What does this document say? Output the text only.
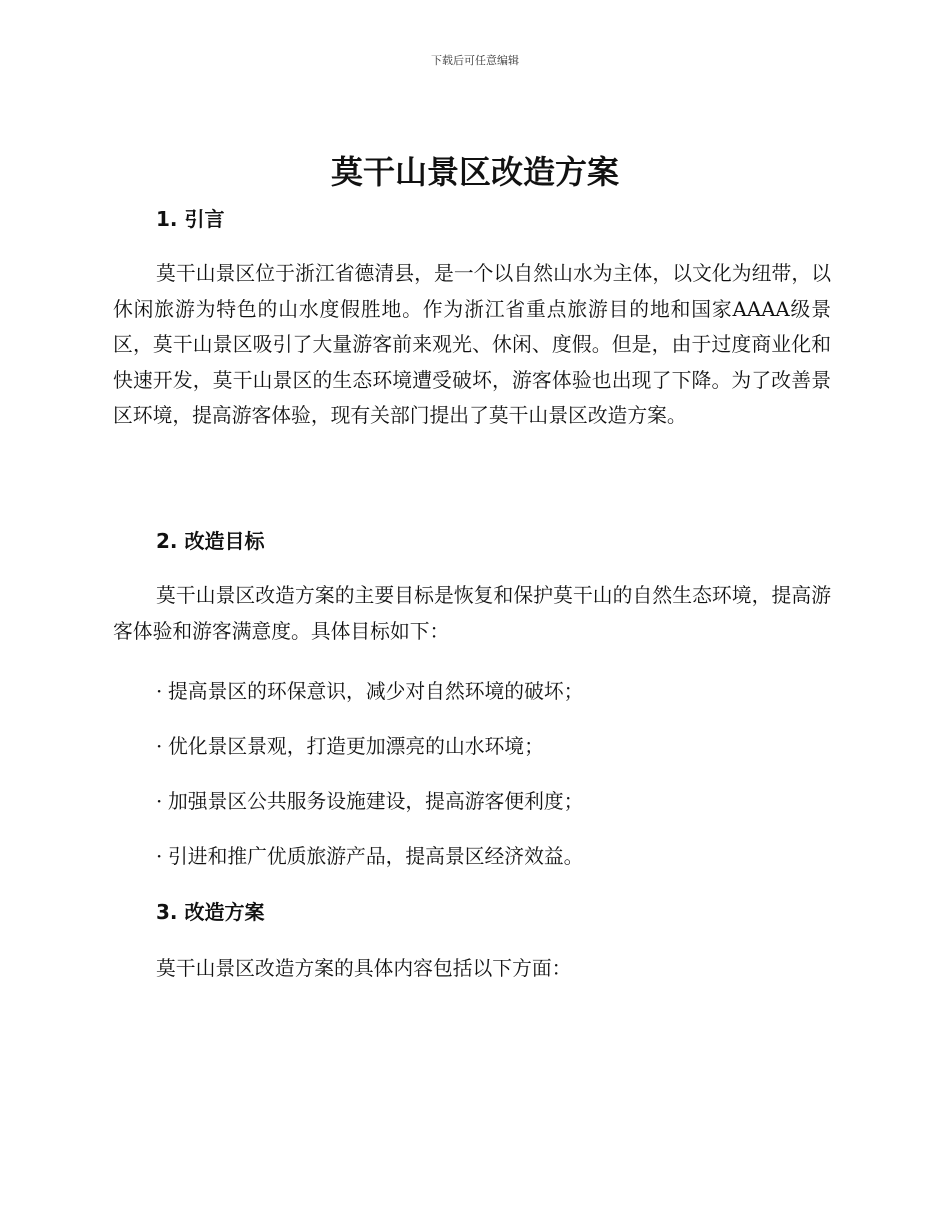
下载后可任意编辑
莫干山景区改造方案
1. 引言

莫干山景区位于浙江省德清县，是一个以自然山水为主体，以文化为纽带，以休闲旅游为特色的山水度假胜地。作为浙江省重点旅游目的地和国家AAAA级景区，莫干山景区吸引了大量游客前来观光、休闲、度假。但是，由于过度商业化和快速开发，莫干山景区的生态环境遭受破坏，游客体验也出现了下降。为了改善景区环境，提高游客体验，现有关部门提出了莫干山景区改造方案。

2. 改造目标

莫干山景区改造方案的主要目标是恢复和保护莫干山的自然生态环境，提高游客体验和游客满意度。具体目标如下：

· 提高景区的环保意识，减少对自然环境的破坏；
· 优化景区景观，打造更加漂亮的山水环境；
· 加强景区公共服务设施建设，提高游客便利度；
· 引进和推广优质旅游产品，提高景区经济效益。
3. 改造方案

莫干山景区改造方案的具体内容包括以下方面：
